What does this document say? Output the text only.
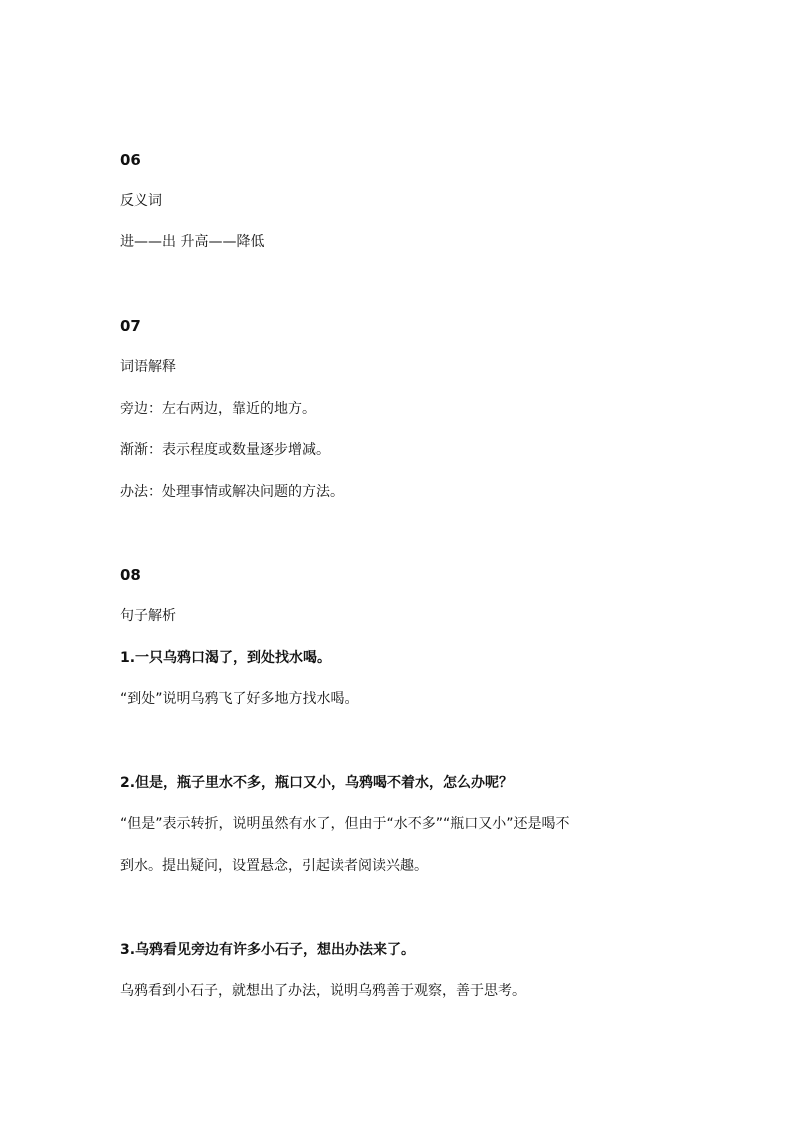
06
反义词
进——出 升高——降低
07
词语解释
旁边：左右两边，靠近的地方。
渐渐：表示程度或数量逐步增减。
办法：处理事情或解决问题的方法。
08
句子解析
1.一只乌鸦口渴了，到处找水喝。
“到处”说明乌鸦飞了好多地方找水喝。
2.但是，瓶子里水不多，瓶口又小，乌鸦喝不着水，怎么办呢？
“但是”表示转折，说明虽然有水了，但由于“水不多”“瓶口又小”还是喝不
到水。提出疑问，设置悬念，引起读者阅读兴趣。
3.乌鸦看见旁边有许多小石子，想出办法来了。
乌鸦看到小石子，就想出了办法，说明乌鸦善于观察，善于思考。
